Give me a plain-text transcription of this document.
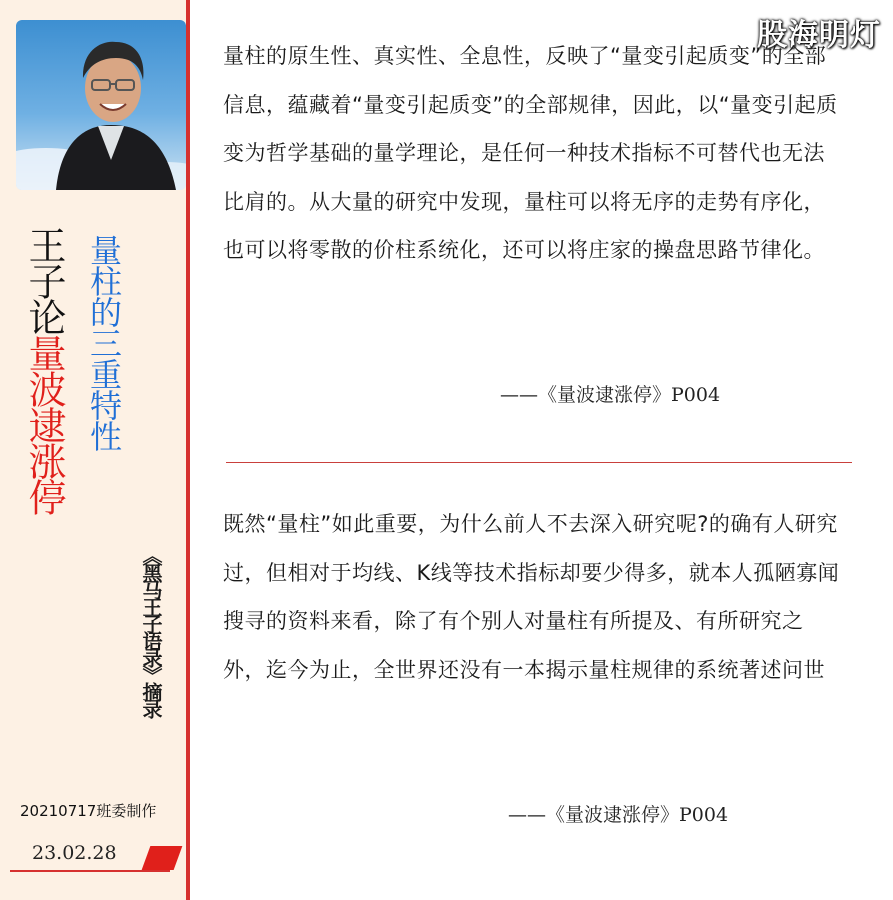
王子论量波逮涨停 量柱的三重特性
《黑马王子语录》摘录
20210717班委制作
23.02.28
股海明灯
量柱的原生性、真实性、全息性，反映了“量变引起质变”的全部信息，蕴藏着“量变引起质变”的全部规律，因此，以“量变引起质变为哲学基础的量学理论，是任何一种技术指标不可替代也无法比肩的。从大量的研究中发现，量柱可以将无序的走势有序化，也可以将零散的价柱系统化，还可以将庄家的操盘思路节律化。
——《量波逮涨停》P004
既然“量柱”如此重要，为什么前人不去深入研究呢?的确有人研究过，但相对于均线、K线等技术指标却要少得多，就本人孤陋寡闻搜寻的资料来看，除了有个别人对量柱有所提及、有所研究之外，迄今为止，全世界还没有一本揭示量柱规律的系统著述问世
——《量波逮涨停》P004
